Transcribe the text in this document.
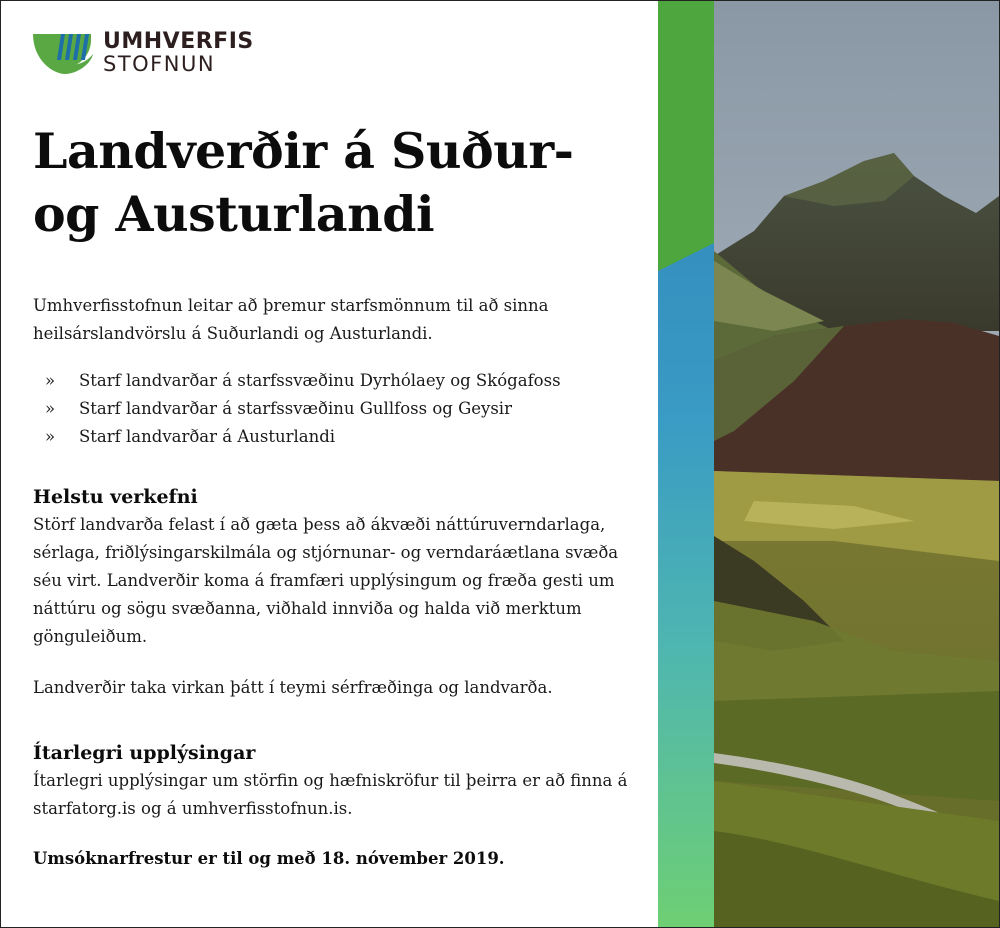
UMHVERFIS
STOFNUN
Landverðir á Suður- og Austurlandi

Umhverfisstofnun leitar að þremur starfsmönnum til að sinna heilsárslandvörslu á Suðurlandi og Austurlandi.

» Starf landvarðar á starfssvæðinu Dyrhólaey og Skógafoss
» Starf landvarðar á starfssvæðinu Gullfoss og Geysir
» Starf landvarðar á Austurlandi
Helstu verkefni

Störf landvarða felast í að gæta þess að ákvæði náttúruverndarlaga, sérlaga, friðlýsingarskilmála og stjórnunar- og verndaráætlana svæða séu virt. Landverðir koma á framfæri upplýsingum og fræða gesti um náttúru og sögu svæðanna, viðhald innviða og halda við merktum gönguleiðum.

Landverðir taka virkan þátt í teymi sérfræðinga og landvarða.

Ítarlegri upplýsingar

Ítarlegri upplýsingar um störfin og hæfniskröfur til þeirra er að finna á starfatorg.is og á umhverfisstofnun.is.

Umsóknarfrestur er til og með 18. nóvember 2019.
